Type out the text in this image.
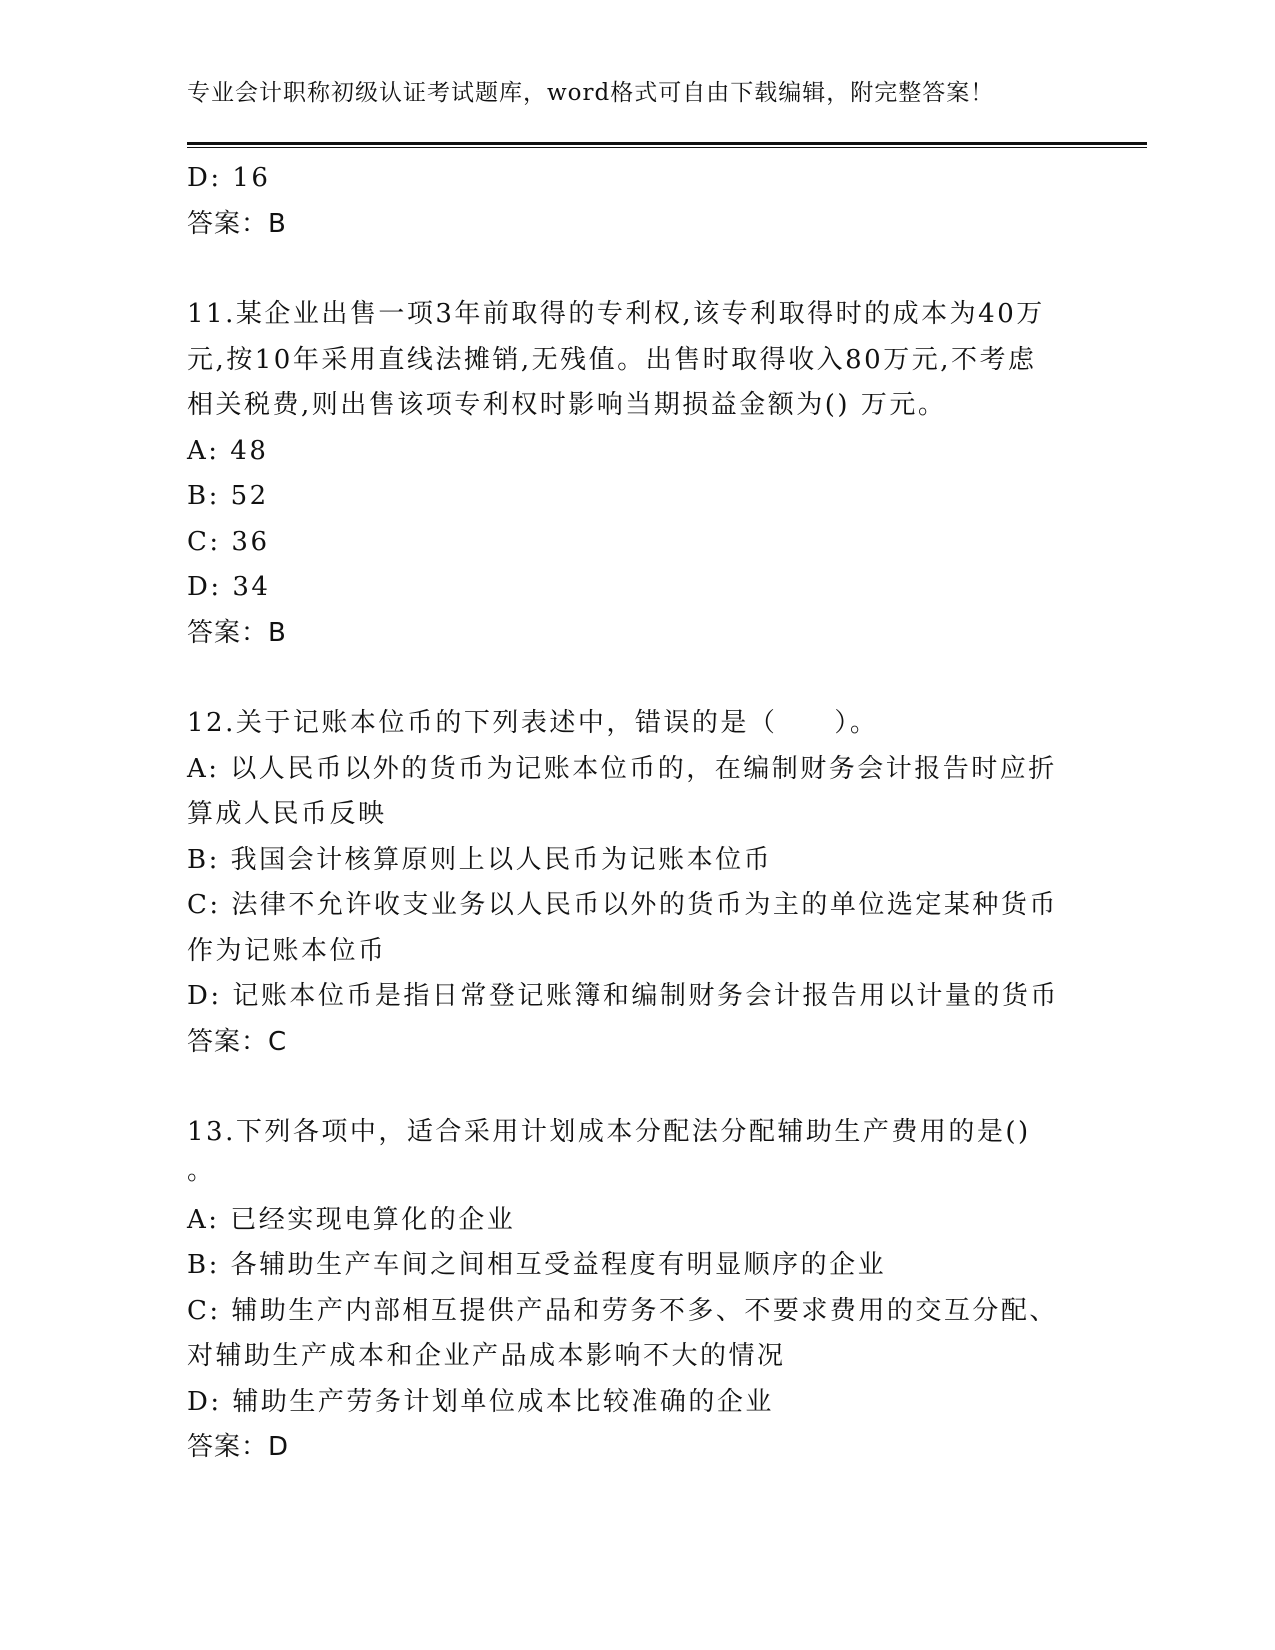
专业会计职称初级认证考试题库，word格式可自由下载编辑，附完整答案！
D: 16
答案：B
11.某企业出售一项3年前取得的专利权,该专利取得时的成本为40万
元,按10年采用直线法摊销,无残值。出售时取得收入80万元,不考虑
相关税费,则出售该项专利权时影响当期损益金额为() 万元。
A: 48
B: 52
C: 36
D: 34
答案：B
12.关于记账本位币的下列表述中，错误的是（　　）。
A: 以人民币以外的货币为记账本位币的，在编制财务会计报告时应折
算成人民币反映
B: 我国会计核算原则上以人民币为记账本位币
C: 法律不允许收支业务以人民币以外的货币为主的单位选定某种货币
作为记账本位币
D: 记账本位币是指日常登记账簿和编制财务会计报告用以计量的货币
答案：C
13.下列各项中，适合采用计划成本分配法分配辅助生产费用的是()
。
A: 已经实现电算化的企业
B: 各辅助生产车间之间相互受益程度有明显顺序的企业
C: 辅助生产内部相互提供产品和劳务不多、不要求费用的交互分配、
对辅助生产成本和企业产品成本影响不大的情况
D: 辅助生产劳务计划单位成本比较准确的企业
答案：D
